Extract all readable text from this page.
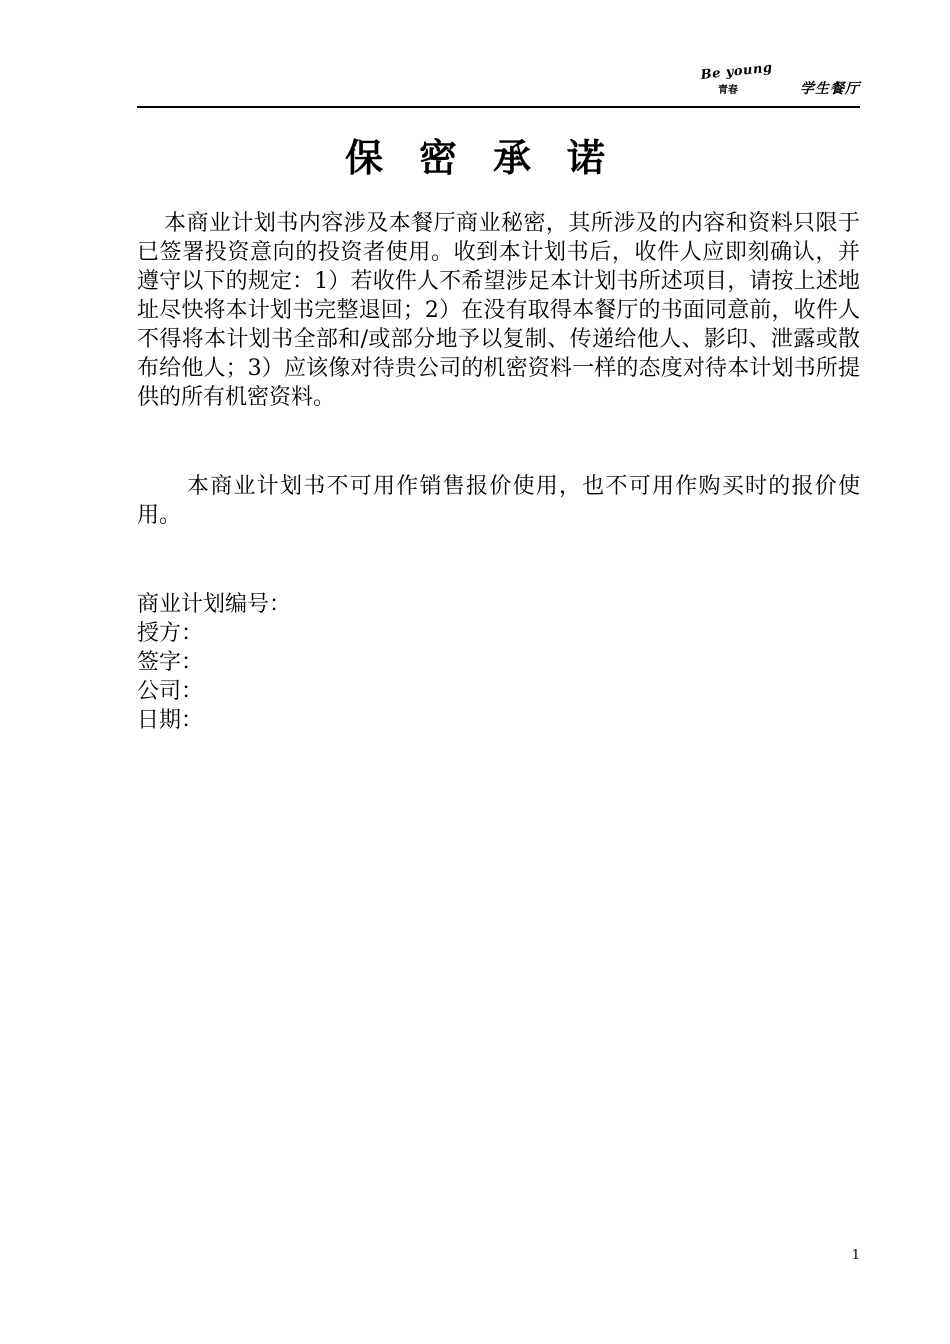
Be young
青春	学生餐厅
保密承诺

本商业计划书内容涉及本餐厅商业秘密，其所涉及的内容和资料只限于已签署投资意向的投资者使用。收到本计划书后，收件人应即刻确认，并遵守以下的规定：1）若收件人不希望涉足本计划书所述项目，请按上述地址尽快将本计划书完整退回；2）在没有取得本餐厅的书面同意前，收件人不得将本计划书全部和/或部分地予以复制、传递给他人、影印、泄露或散布给他人；3）应该像对待贵公司的机密资料一样的态度对待本计划书所提供的所有机密资料。

本商业计划书不可用作销售报价使用，也不可用作购买时的报价使用。

商业计划编号：
授方：
签字：
公司：
日期：
1
